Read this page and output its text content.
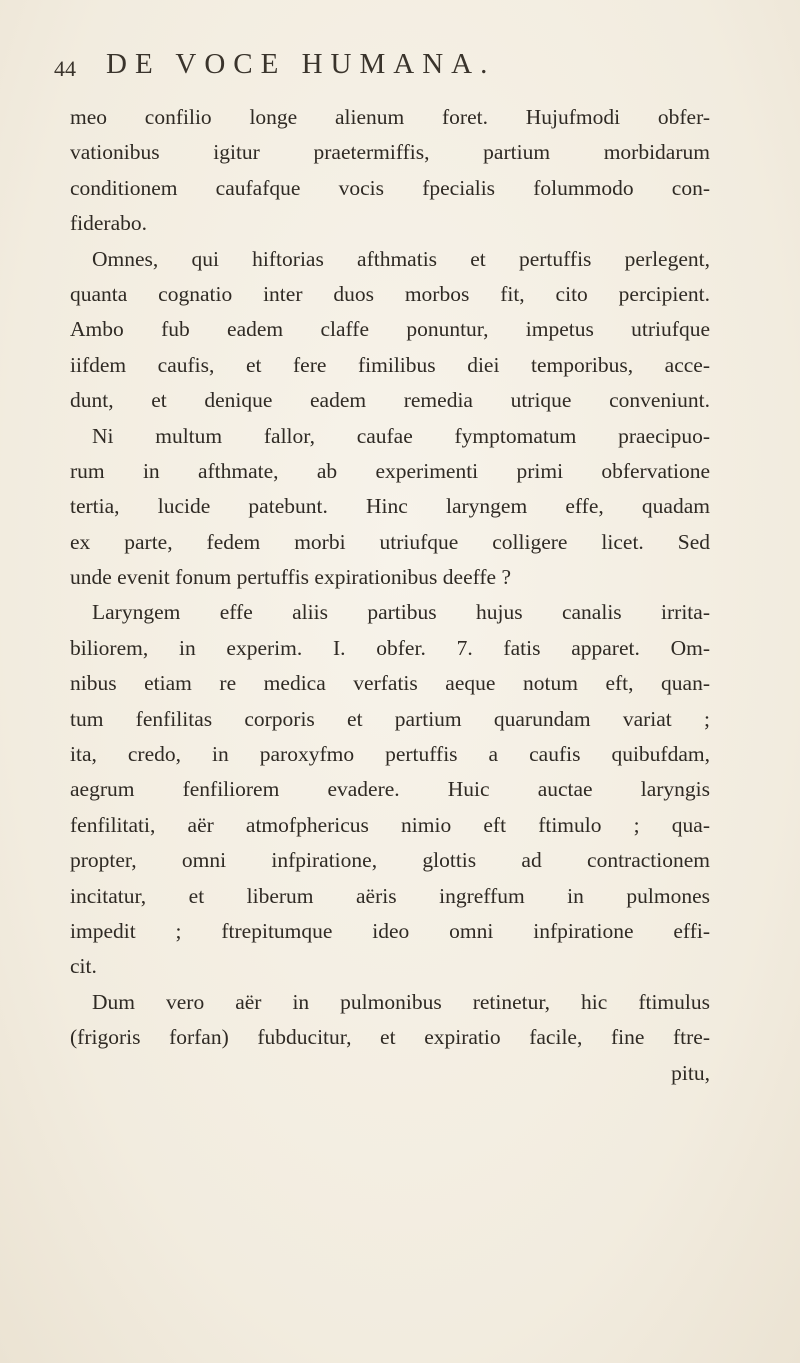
44 DE VOCE HUMANA.
meo confilio longe alienum foret. Hujufmodi obfer-
vationibus igitur praetermiffis, partium morbidarum
conditionem caufafque vocis fpecialis folummodo con-
fiderabo.
Omnes, qui hiftorias afthmatis et pertuffis perlegent,
quanta cognatio inter duos morbos fit, cito percipient.
Ambo fub eadem claffe ponuntur, impetus utriufque
iifdem caufis, et fere fimilibus diei temporibus, acce-
dunt, et denique eadem remedia utrique conveniunt.
Ni multum fallor, caufae fymptomatum praecipuo-
rum in afthmate, ab experimenti primi obfervatione
tertia, lucide patebunt. Hinc laryngem effe, quadam
ex parte, fedem morbi utriufque colligere licet. Sed
unde evenit fonum pertuffis expirationibus deeffe ?
Laryngem effe aliis partibus hujus canalis irrita-
biliorem, in experim. I. obfer. 7. fatis apparet. Om-
nibus etiam re medica verfatis aeque notum eft, quan-
tum fenfilitas corporis et partium quarundam variat ;
ita, credo, in paroxyfmo pertuffis a caufis quibufdam,
aegrum fenfiliorem evadere. Huic auctae laryngis
fenfilitati, aër atmofphericus nimio eft ftimulo ; qua-
propter, omni infpiratione, glottis ad contractionem
incitatur, et liberum aëris ingreffum in pulmones
impedit ; ftrepitumque ideo omni infpiratione effi-
cit.
Dum vero aër in pulmonibus retinetur, hic ftimulus
(frigoris forfan) fubducitur, et expiratio facile, fine ftre-
pitu,
